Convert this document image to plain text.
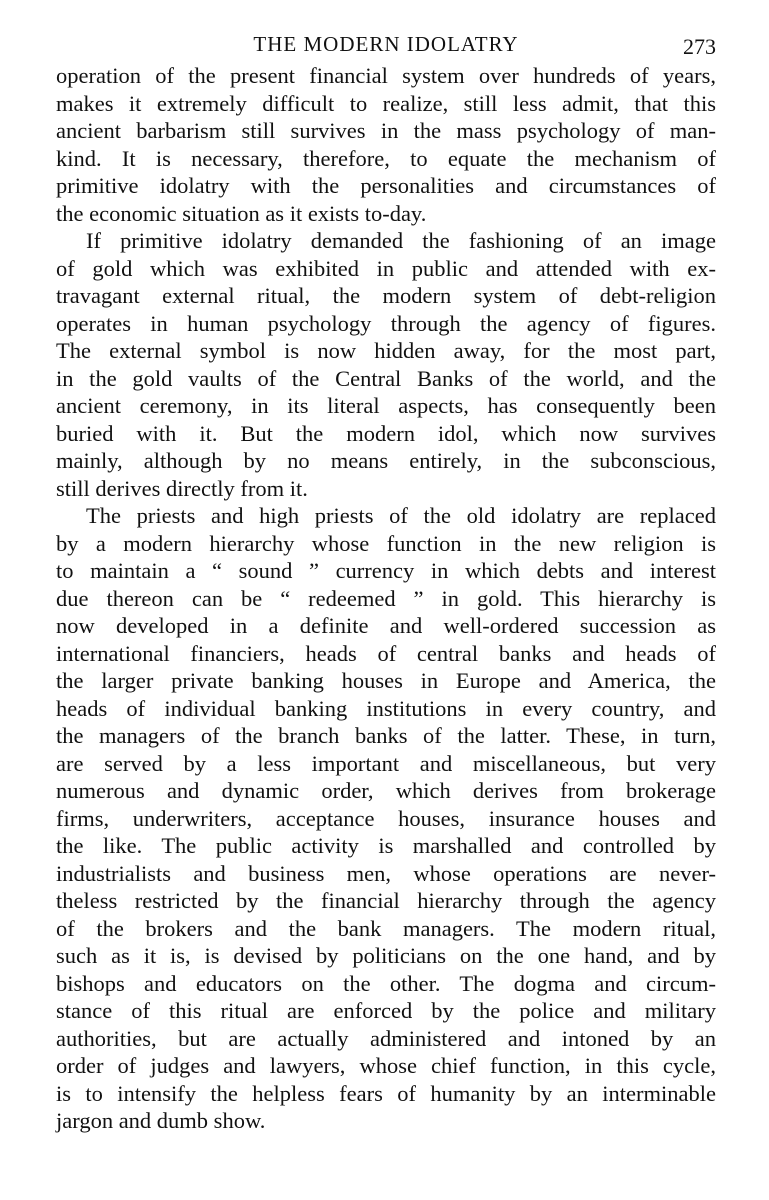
THE MODERN IDOLATRY	273
operation of the present financial system over hundreds of years,
makes it extremely difficult to realize, still less admit, that this
ancient barbarism still survives in the mass psychology of man-
kind. It is necessary, therefore, to equate the mechanism of
primitive idolatry with the personalities and circumstances of
the economic situation as it exists to-day.
If primitive idolatry demanded the fashioning of an image
of gold which was exhibited in public and attended with ex-
travagant external ritual, the modern system of debt-religion
operates in human psychology through the agency of figures.
The external symbol is now hidden away, for the most part,
in the gold vaults of the Central Banks of the world, and the
ancient ceremony, in its literal aspects, has consequently been
buried with it. But the modern idol, which now survives
mainly, although by no means entirely, in the subconscious,
still derives directly from it.
The priests and high priests of the old idolatry are replaced
by a modern hierarchy whose function in the new religion is
to maintain a “ sound ” currency in which debts and interest
due thereon can be “ redeemed ” in gold. This hierarchy is
now developed in a definite and well-ordered succession as
international financiers, heads of central banks and heads of
the larger private banking houses in Europe and America, the
heads of individual banking institutions in every country, and
the managers of the branch banks of the latter. These, in turn,
are served by a less important and miscellaneous, but very
numerous and dynamic order, which derives from brokerage
firms, underwriters, acceptance houses, insurance houses and
the like. The public activity is marshalled and controlled by
industrialists and business men, whose operations are never-
theless restricted by the financial hierarchy through the agency
of the brokers and the bank managers. The modern ritual,
such as it is, is devised by politicians on the one hand, and by
bishops and educators on the other. The dogma and circum-
stance of this ritual are enforced by the police and military
authorities, but are actually administered and intoned by an
order of judges and lawyers, whose chief function, in this cycle,
is to intensify the helpless fears of humanity by an interminable
jargon and dumb show.
